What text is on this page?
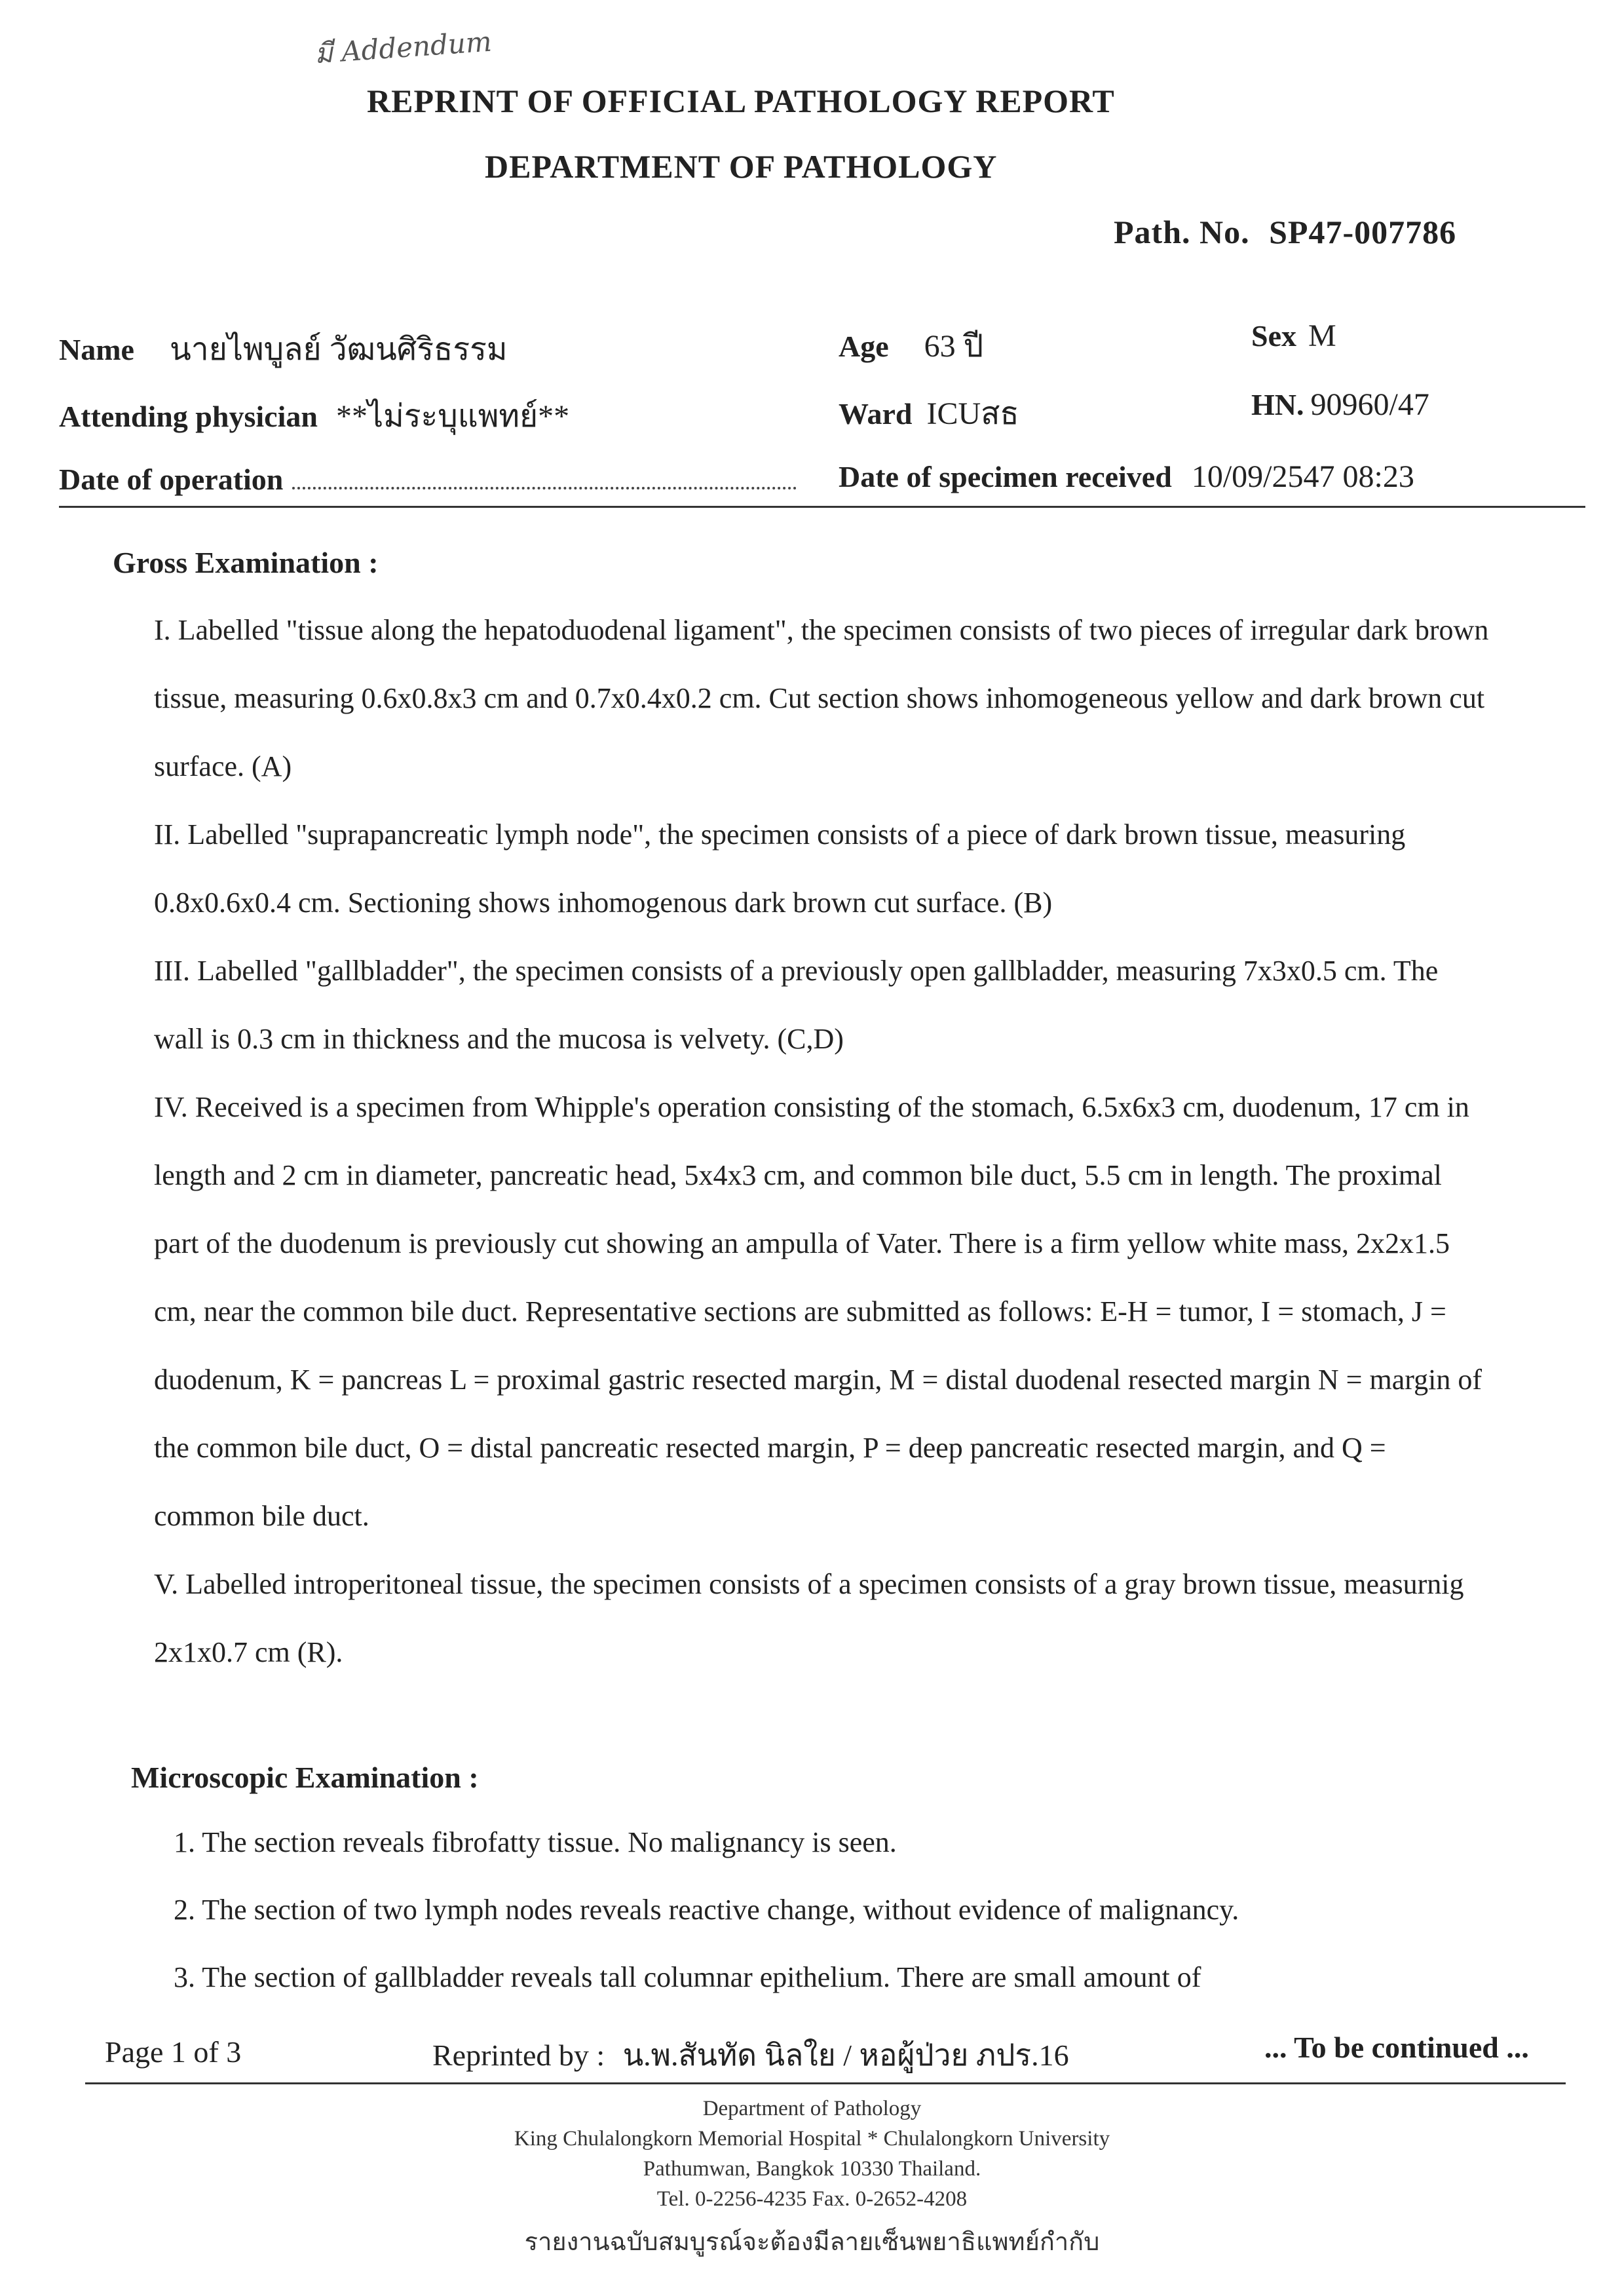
มี Addendum
REPRINT OF OFFICIAL PATHOLOGY REPORT
DEPARTMENT OF PATHOLOGY
Path. No. SP47-007786
Name นายไพบูลย์ วัฒนศิริธรรม	Age 63 ปี	Sex M
Attending physician **ไม่ระบุแพทย์**	Ward ICUสธ	HN. 90960/47
Date of operation	Date of specimen received 10/09/2547 08:23
Gross Examination :

I. Labelled "tissue along the hepatoduodenal ligament", the specimen consists of two pieces of irregular dark brown tissue, measuring 0.6x0.8x3 cm and 0.7x0.4x0.2 cm. Cut section shows inhomogeneous yellow and dark brown cut surface. (A)

II. Labelled "suprapancreatic lymph node", the specimen consists of a piece of dark brown tissue, measuring 0.8x0.6x0.4 cm. Sectioning shows inhomogenous dark brown cut surface. (B)

III. Labelled "gallbladder", the specimen consists of a previously open gallbladder, measuring 7x3x0.5 cm. The wall is 0.3 cm in thickness and the mucosa is velvety. (C,D)

IV. Received is a specimen from Whipple's operation consisting of the stomach, 6.5x6x3 cm, duodenum, 17 cm in length and 2 cm in diameter, pancreatic head, 5x4x3 cm, and common bile duct, 5.5 cm in length. The proximal part of the duodenum is previously cut showing an ampulla of Vater. There is a firm yellow white mass, 2x2x1.5 cm, near the common bile duct. Representative sections are submitted as follows: E-H = tumor, I = stomach, J = duodenum, K = pancreas L = proximal gastric resected margin, M = distal duodenal resected margin N = margin of the common bile duct, O = distal pancreatic resected margin, P = deep pancreatic resected margin, and Q = common bile duct.

V. Labelled introperitoneal tissue, the specimen consists of a specimen consists of a gray brown tissue, measurnig 2x1x0.7 cm (R).

Microscopic Examination :

1. The section reveals fibrofatty tissue. No malignancy is seen.

2. The section of two lymph nodes reveals reactive change, without evidence of malignancy.

3. The section of gallbladder reveals tall columnar epithelium. There are small amount of

Page 1 of 3	Reprinted by : น.พ.สันทัด นิลใย / หอผู้ป่วย ภปร.16	... To be continued ...
Department of Pathology
King Chulalongkorn Memorial Hospital * Chulalongkorn University
Pathumwan, Bangkok 10330 Thailand.
Tel. 0-2256-4235 Fax. 0-2652-4208
รายงานฉบับสมบูรณ์จะต้องมีลายเซ็นพยาธิแพทย์กำกับ
